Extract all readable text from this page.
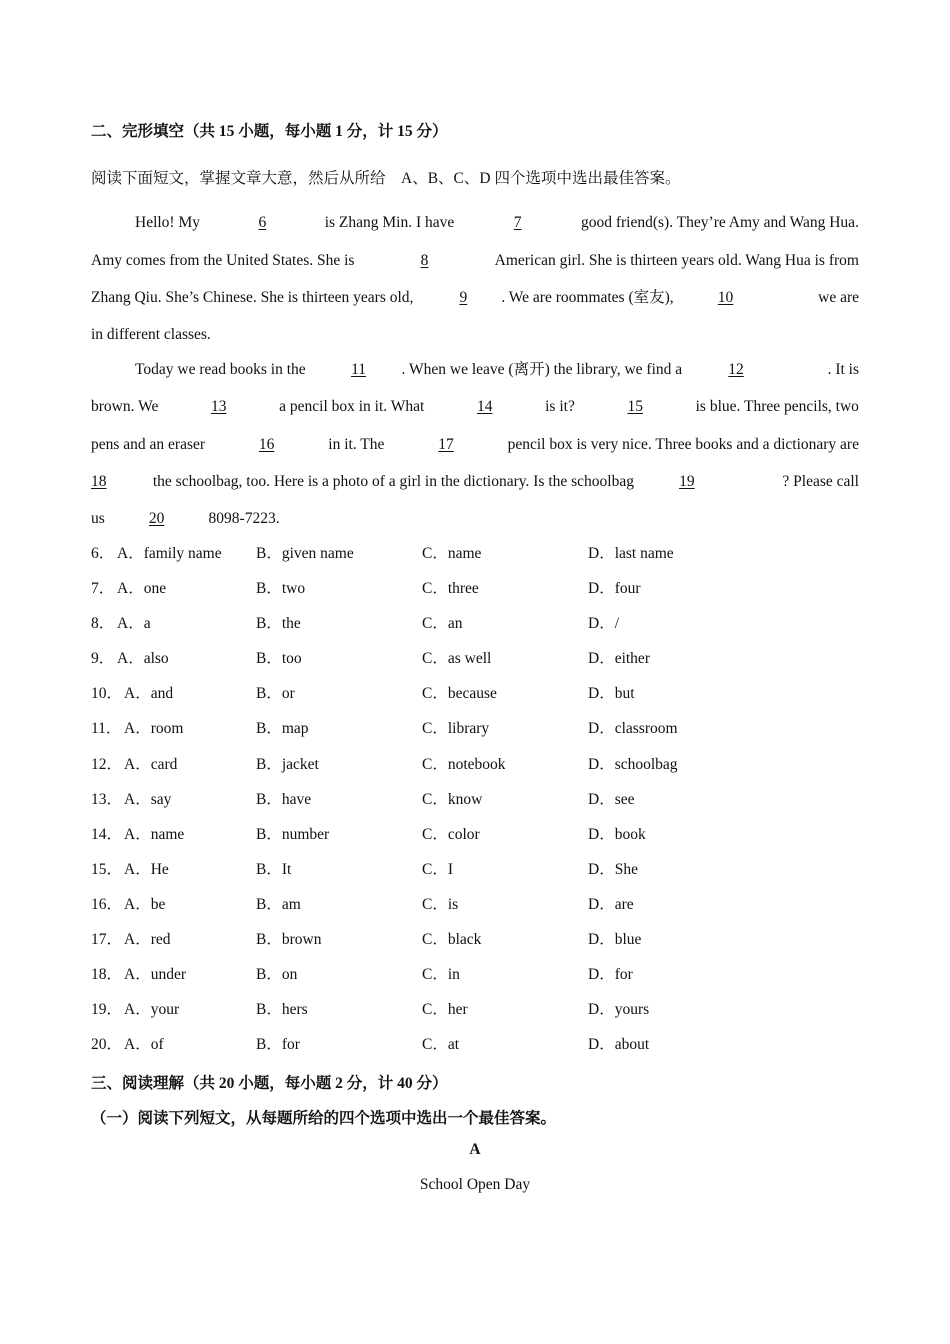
二、完形填空（共 15 小题，每小题 1 分，计 15 分）
阅读下面短文，掌握文章大意，然后从所给　A、B、C、D 四个选项中选出最佳答案。
Hello! My	6	is Zhang Min. I have	7	good friend(s). They’re Amy and Wang Hua.
Amy comes from the United States. She is	8	American girl. She is thirteen years old. Wang Hua is from
Zhang Qiu. She’s Chinese. She is thirteen years old,	9 . We are roommates (室友),	10	we are
in different classes.
Today we read books in the	11 . When we leave (离开) the library, we find a	12	. It is
brown. We	13	a pencil box in it. What	14	is it?	15	is blue. Three pencils, two
pens and an eraser	16	in it. The	17	pencil box is very nice. Three books and a dictionary are
18	the schoolbag, too. Here is a photo of a girl in the dictionary. Is the schoolbag	19	? Please call
us	20	8098-7223.
6． A．family name B．given name	C．name	D．last name
7． A．one	B．two	C．three	D．four
8． A．a	B．the	C．an	D．/
9． A．also	B．too	C．as well	D．either
10． A．and	B．or	C．because	D．but
11． A．room	B．map	C．library	D．classroom
12． A．card	B．jacket	C．notebook	D．schoolbag
13． A．say	B．have	C．know	D．see
14． A．name	B．number	C．color	D．book
15． A．He	B．It	C．I	D．She
16． A．be	B．am	C．is	D．are
17． A．red	B．brown	C．black	D．blue
18． A．under	B．on	C．in	D．for
19． A．your	B．hers	C．her	D．yours
20． A．of	B．for	C．at	D．about
三、阅读理解（共 20 小题，每小题 2 分，计 40 分）
（一）阅读下列短文，从每题所给的四个选项中选出一个最佳答案。
A
School Open Day
